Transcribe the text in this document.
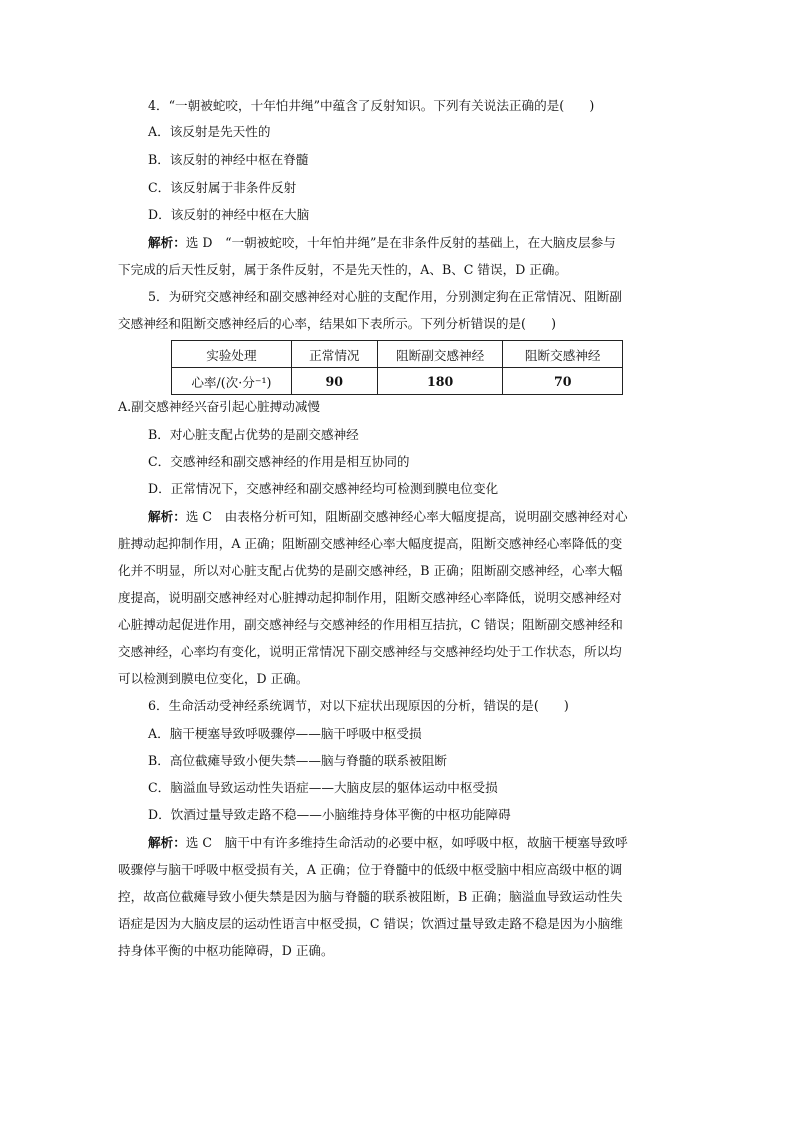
4．“一朝被蛇咬，十年怕井绳”中蕴含了反射知识。下列有关说法正确的是(　　)
A．该反射是先天性的
B．该反射的神经中枢在脊髓
C．该反射属于非条件反射
D．该反射的神经中枢在大脑
解析：选 D　“一朝被蛇咬，十年怕井绳”是在非条件反射的基础上，在大脑皮层参与
下完成的后天性反射，属于条件反射，不是先天性的，A、B、C 错误，D 正确。
5．为研究交感神经和副交感神经对心脏的支配作用，分别测定狗在正常情况、阻断副
交感神经和阻断交感神经后的心率，结果如下表所示。下列分析错误的是(　　)
实验处理	正常情况	阻断副交感神经	阻断交感神经
心率/(次·分⁻¹)	90	180	70
A.副交感神经兴奋引起心脏搏动减慢
B．对心脏支配占优势的是副交感神经
C．交感神经和副交感神经的作用是相互协同的
D．正常情况下，交感神经和副交感神经均可检测到膜电位变化
解析：选 C　由表格分析可知，阻断副交感神经心率大幅度提高，说明副交感神经对心
脏搏动起抑制作用，A 正确；阻断副交感神经心率大幅度提高，阻断交感神经心率降低的变
化并不明显，所以对心脏支配占优势的是副交感神经，B 正确；阻断副交感神经，心率大幅
度提高，说明副交感神经对心脏搏动起抑制作用，阻断交感神经心率降低，说明交感神经对
心脏搏动起促进作用，副交感神经与交感神经的作用相互拮抗，C 错误；阻断副交感神经和
交感神经，心率均有变化，说明正常情况下副交感神经与交感神经均处于工作状态，所以均
可以检测到膜电位变化，D 正确。
6．生命活动受神经系统调节，对以下症状出现原因的分析，错误的是(　　)
A．脑干梗塞导致呼吸骤停——脑干呼吸中枢受损
B．高位截瘫导致小便失禁——脑与脊髓的联系被阻断
C．脑溢血导致运动性失语症——大脑皮层的躯体运动中枢受损
D．饮酒过量导致走路不稳——小脑维持身体平衡的中枢功能障碍
解析：选 C　脑干中有许多维持生命活动的必要中枢，如呼吸中枢，故脑干梗塞导致呼
吸骤停与脑干呼吸中枢受损有关，A 正确；位于脊髓中的低级中枢受脑中相应高级中枢的调
控，故高位截瘫导致小便失禁是因为脑与脊髓的联系被阻断，B 正确；脑溢血导致运动性失
语症是因为大脑皮层的运动性语言中枢受损，C 错误；饮酒过量导致走路不稳是因为小脑维
持身体平衡的中枢功能障碍，D 正确。
